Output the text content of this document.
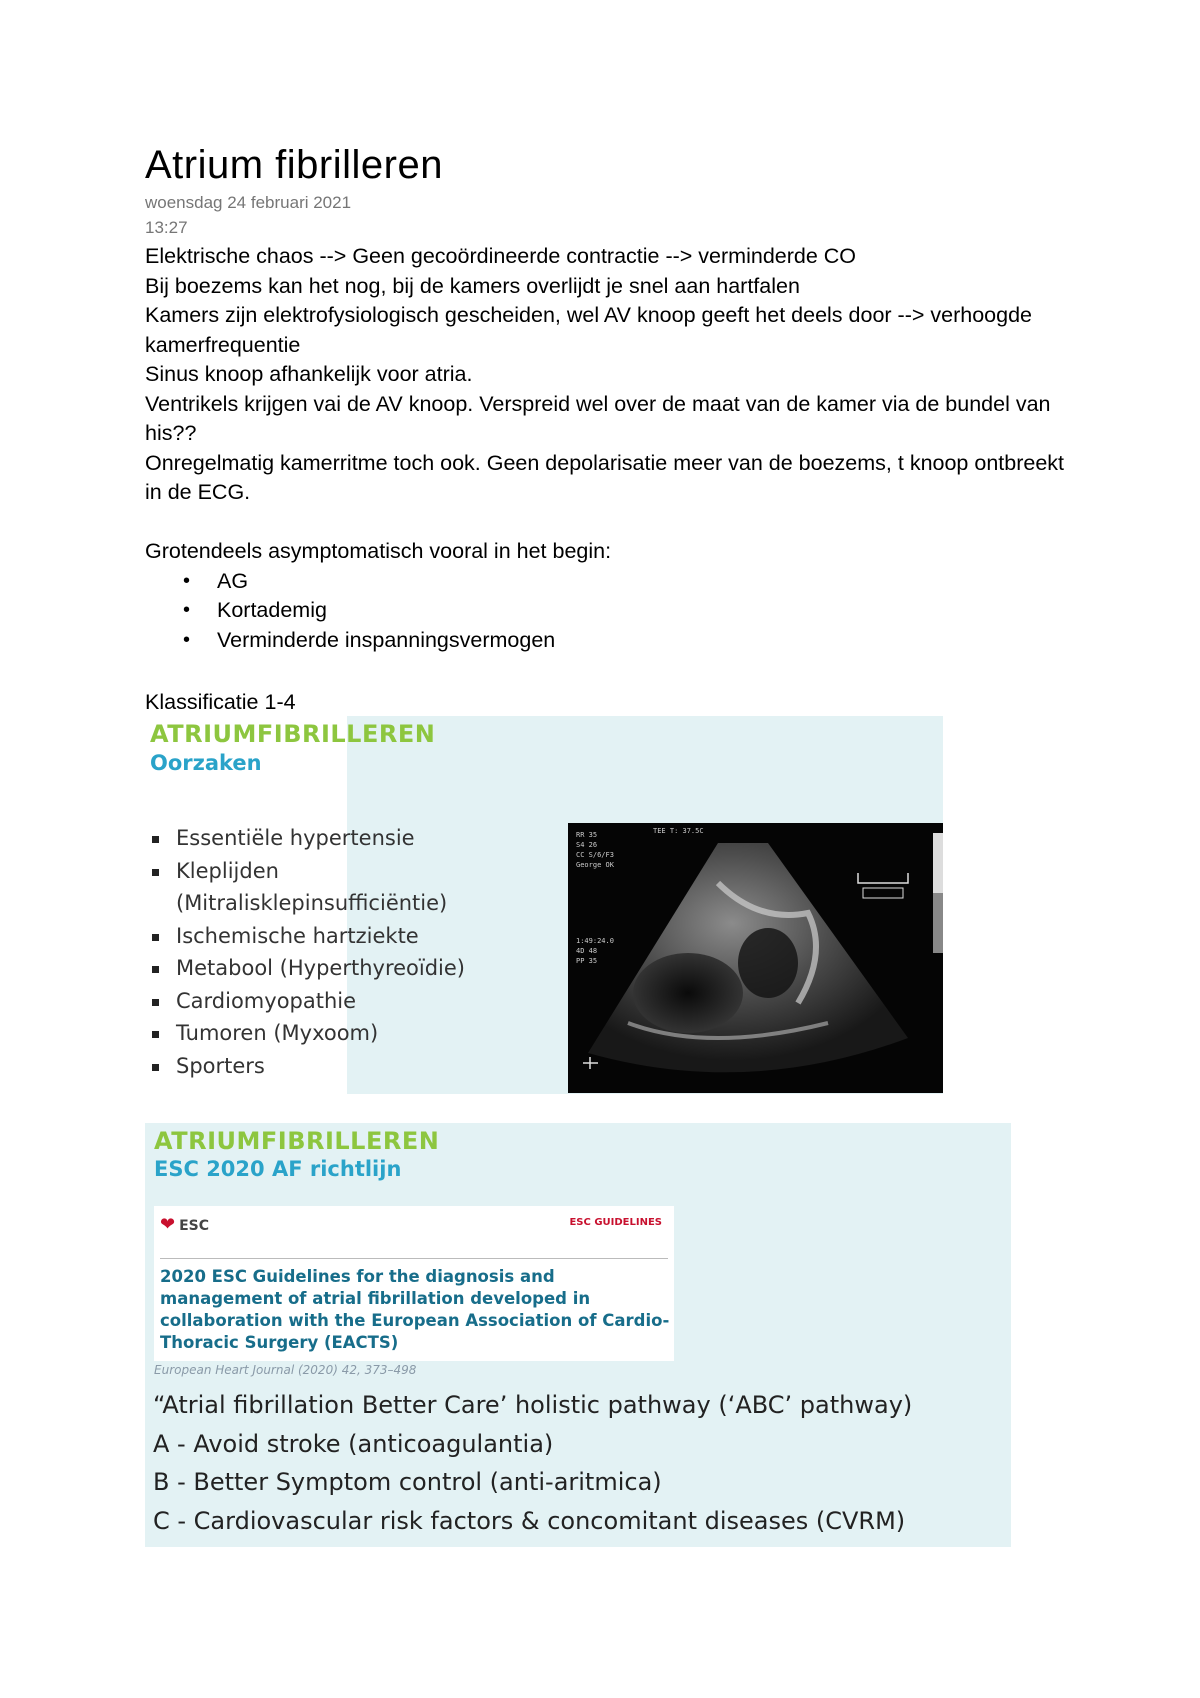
Atrium fibrilleren
woensdag 24 februari 2021
13:27
Elektrische chaos --> Geen gecoördineerde contractie --> verminderde CO
Bij boezems kan het nog, bij de kamers overlijdt je snel aan hartfalen
Kamers zijn elektrofysiologisch gescheiden, wel AV knoop geeft het deels door --> verhoogde kamerfrequentie
Sinus knoop afhankelijk voor atria.
Ventrikels krijgen vai de AV knoop. Verspreid wel over de maat van de kamer via de bundel van his??
Onregelmatig kamerritme toch ook. Geen depolarisatie meer van de boezems, t knoop ontbreekt in de ECG.
Grotendeels asymptomatisch vooral in het begin:
• AG
• Kortademig
• Verminderde inspanningsvermogen
Klassificatie 1-4
ATRIUMFIBRILLEREN
Oorzaken
Essentiële hypertensie
Kleplijden
(Mitralisklepinsufficiëntie)
Ischemische hartziekte
Metabool (Hyperthyreoïdie)
Cardiomyopathie
Tumoren (Myxoom)
Sporters

RR 35
S4 26
CC S/6/F3
George OK
TEE T: 37.5C
1:49:24.0
4D 48
PP 35
ATRIUMFIBRILLEREN
ESC 2020 AF richtlijn
❤ ESC	ESC GUIDELINES
2020 ESC Guidelines for the diagnosis and management of atrial fibrillation developed in collaboration with the European Association of Cardio-Thoracic Surgery (EACTS)
European Heart Journal (2020) 42, 373–498
“Atrial fibrillation Better Care’ holistic pathway (‘ABC’ pathway)
A - Avoid stroke (anticoagulantia)
B - Better Symptom control (anti-aritmica)
C - Cardiovascular risk factors & concomitant diseases (CVRM)
